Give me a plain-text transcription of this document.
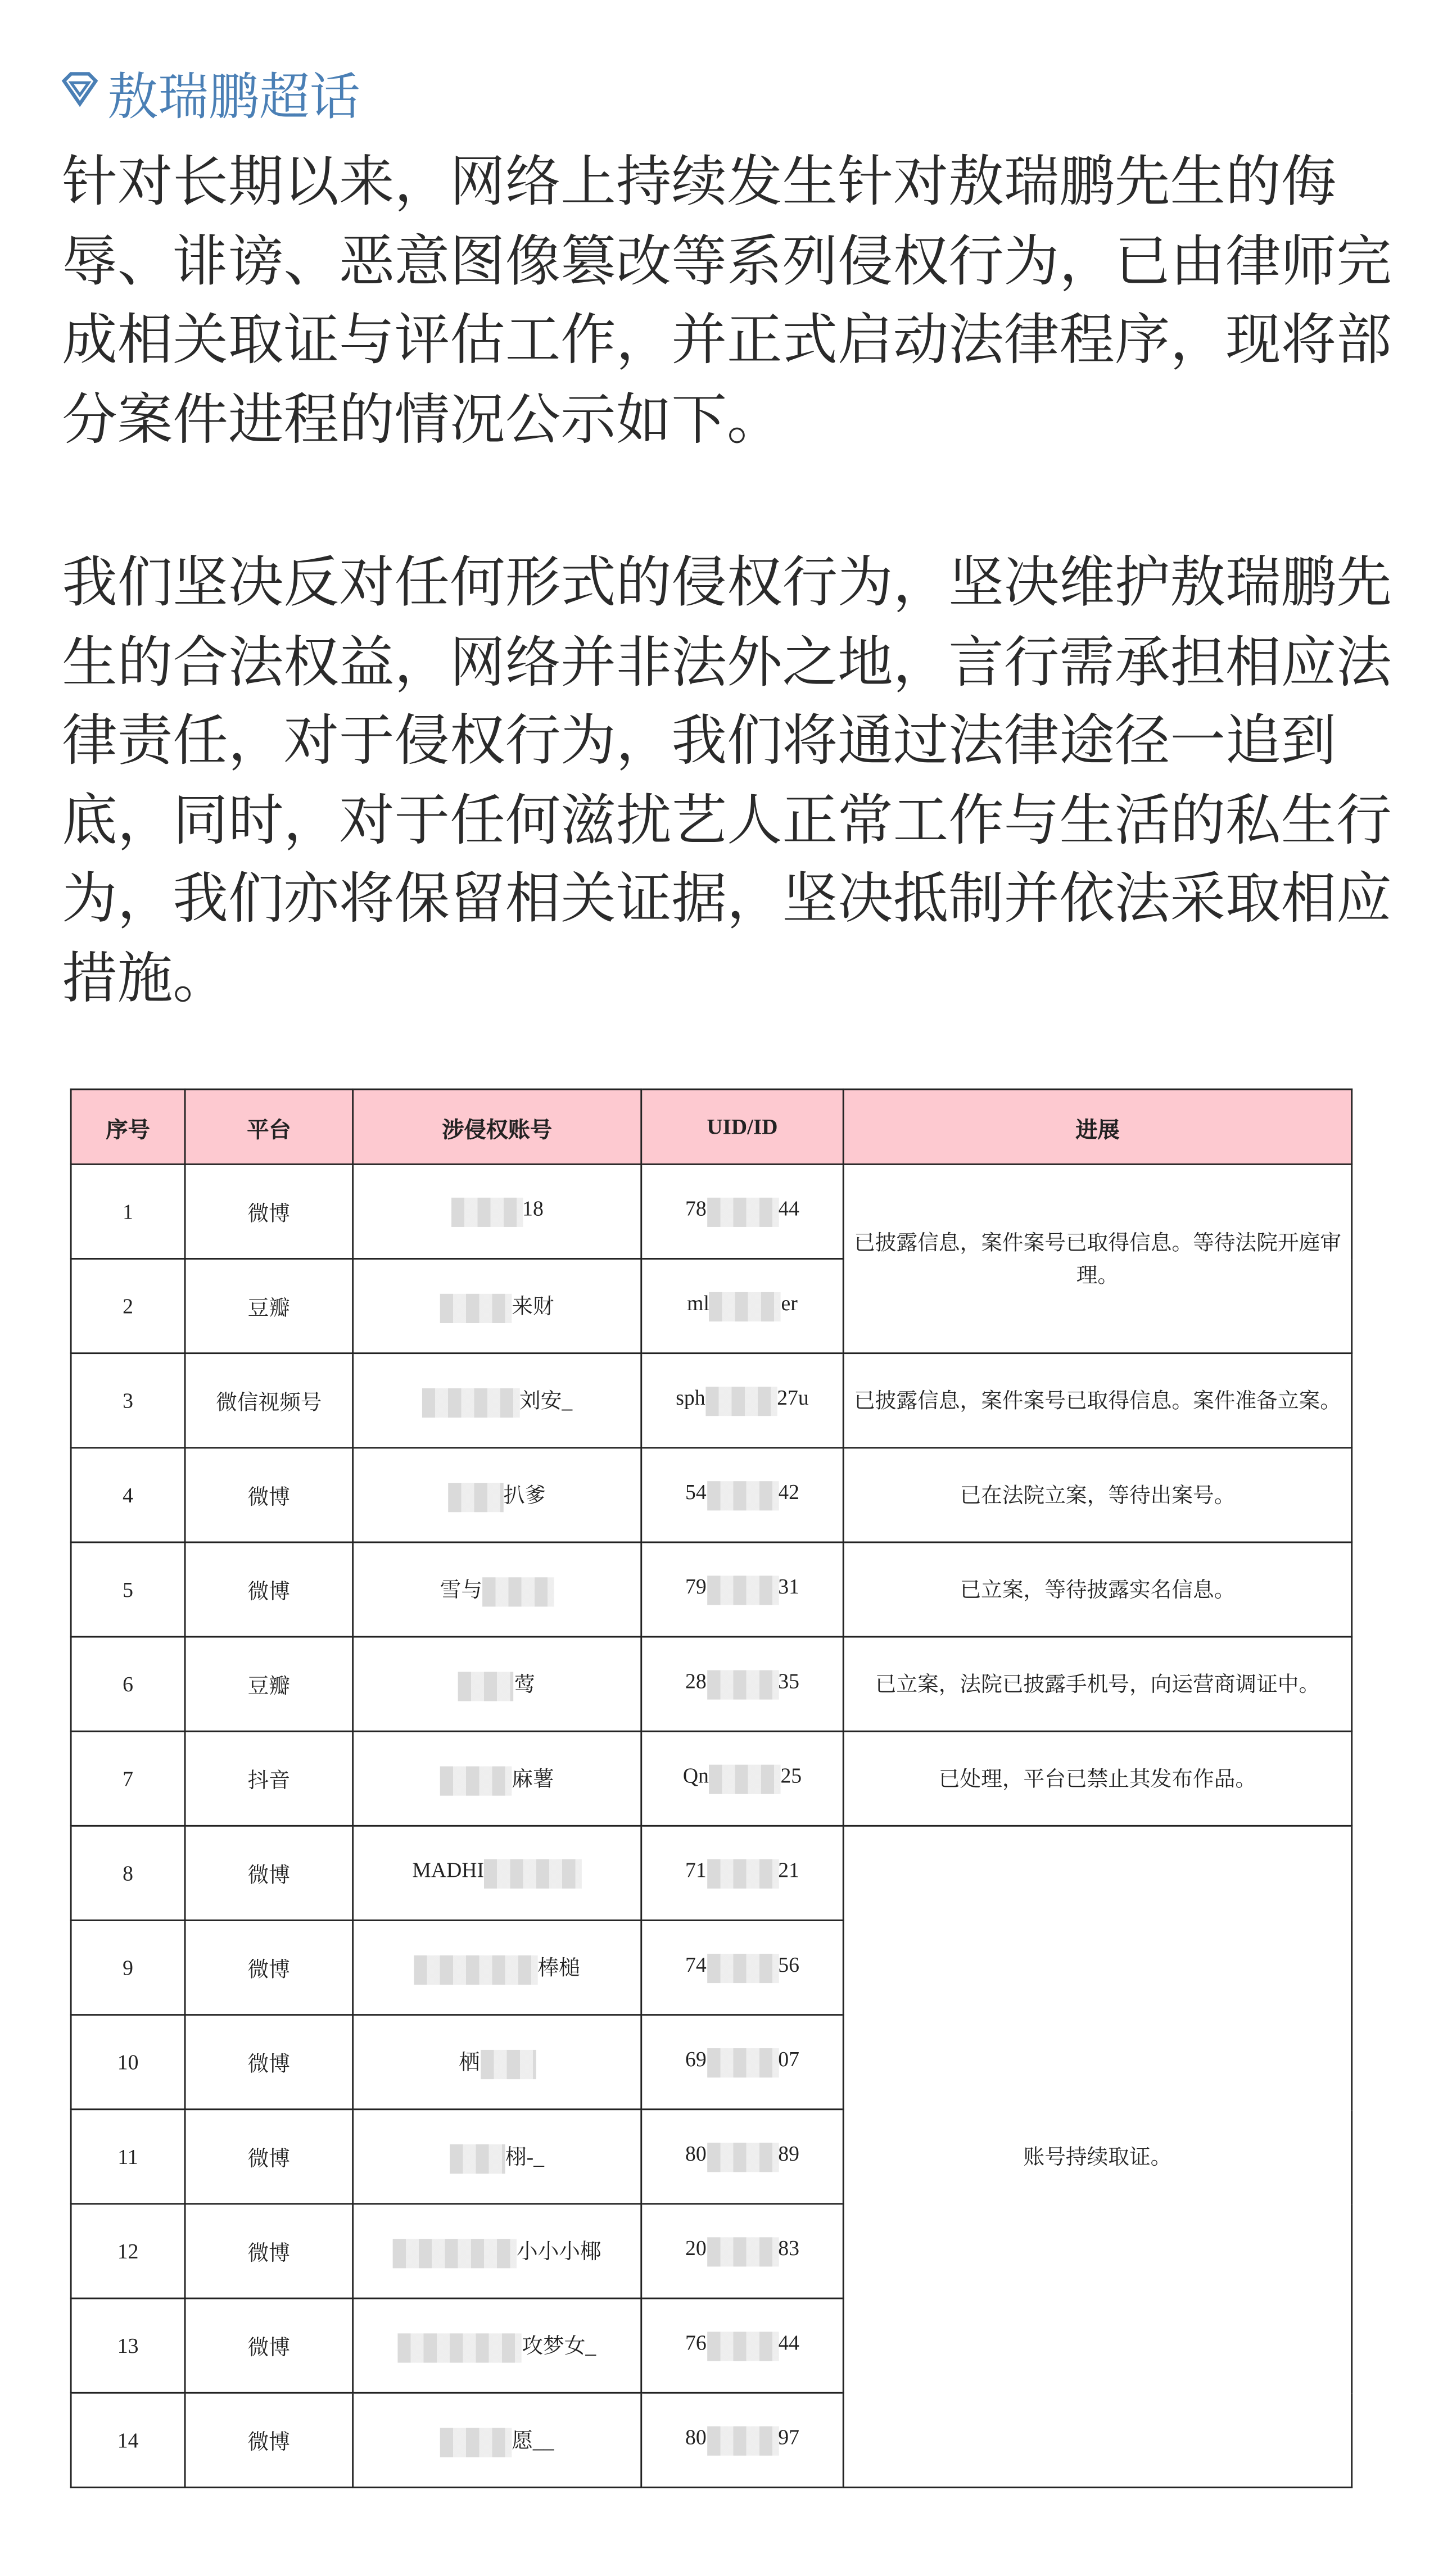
敖瑞鹏超话
针对长期以来，网络上持续发生针对敖瑞鹏先生的侮辱、诽谤、恶意图像篡改等系列侵权行为，已由律师完成相关取证与评估工作，并正式启动法律程序，现将部分案件进程的情况公示如下。
我们坚决反对任何形式的侵权行为，坚决维护敖瑞鹏先生的合法权益，网络并非法外之地，言行需承担相应法律责任，对于侵权行为，我们将通过法律途径一追到底，同时，对于任何滋扰艺人正常工作与生活的私生行为，我们亦将保留相关证据，坚决抵制并依法采取相应措施。
序号	平台	涉侵权账号	UID/ID	进展
1	微博	18	78 44	已披露信息，案件案号已取得信息。等待法院开庭审理。
2	豆瓣	来财	ml er	
3	微信视频号	刘安_	sph 27u	已披露信息，案件案号已取得信息。案件准备立案。
4	微博	扒爹	54 42	已在法院立案，等待出案号。
5	微博	雪与	79 31	已立案，等待披露实名信息。
6	豆瓣	莺	28 35	已立案，法院已披露手机号，向运营商调证中。
7	抖音	麻薯	Qn 25	已处理，平台已禁止其发布作品。
8	微博	MADHI	71 21	账号持续取证。
9	微博	棒槌	74 56	
10	微博	栖	69 07	
11	微博	栩-_	80 89	
12	微博	小小小椰	20 83	
13	微博	攻梦女_	76 44	
14	微博	愿__	80 97	
